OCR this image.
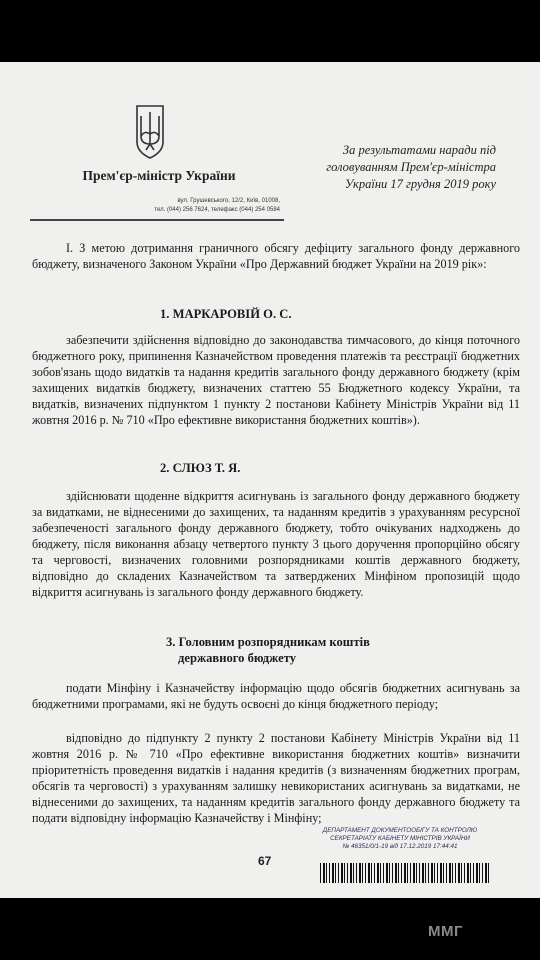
Прем'єр-міністр України
вул. Грушевського, 12/2, Київ, 01008,
тел. (044) 256 7624, телефакс (044) 254 0584
За результатами наради під
головуванням Прем'єр-міністра
України 17 грудня 2019 року

І. З метою дотримання граничного обсягу дефіциту загального фонду державного бюджету, визначеного Законом України «Про Державний бюджет України на 2019 рік»:

1. МАРКАРОВІЙ О. С.

забезпечити здійснення відповідно до законодавства тимчасового, до кінця поточного бюджетного року, припинення Казначейством проведення платежів та реєстрації бюджетних зобов'язань щодо видатків та надання кредитів загального фонду державного бюджету (крім захищених видатків бюджету, визначених статтею 55 Бюджетного кодексу України, та видатків, визначених підпунктом 1 пункту 2 постанови Кабінету Міністрів України від 11 жовтня 2016 р. № 710 «Про ефективне використання бюджетних коштів»).

2. СЛЮЗ Т. Я.

здійснювати щоденне відкриття асигнувань із загального фонду державного бюджету за видатками, не віднесеними до захищених, та наданням кредитів з урахуванням ресурсної забезпеченості загального фонду державного бюджету, тобто очікуваних надходжень до бюджету, після виконання абзацу четвертого пункту 3 цього доручення пропорційно обсягу та черговості, визначених головними розпорядниками коштів державного бюджету, відповідно до складених Казначейством та затверджених Мінфіном пропозицій щодо відкриття асигнувань із загального фонду державного бюджету.

3. Головним розпорядникам коштів

державного бюджету

подати Мінфіну і Казначейству інформацію щодо обсягів бюджетних асигнувань за бюджетними програмами, які не будуть освоєні до кінця бюджетного періоду;

відповідно до підпункту 2 пункту 2 постанови Кабінету Міністрів України від 11 жовтня 2016 р. № 710 «Про ефективне використання бюджетних коштів» визначити пріоритетність проведення видатків і надання кредитів (з визначенням бюджетних програм, обсягів та черговості) з урахуванням залишку невикористаних асигнувань за видатками, не віднесеними до захищених, та наданням кредитів загального фонду державного бюджету та подати відповідну інформацію Казначейству і Мінфіну;

ДЕПАРТАМЕНТ ДОКУМЕНТООБІГУ ТА КОНТРОЛЮ
СЕКРЕТАРІАТУ КАБІНЕТУ МІНІСТРІВ УКРАЇНИ
№ 46351/0/1-19 від 17.12.2019 17:44:41
67
ММГ
